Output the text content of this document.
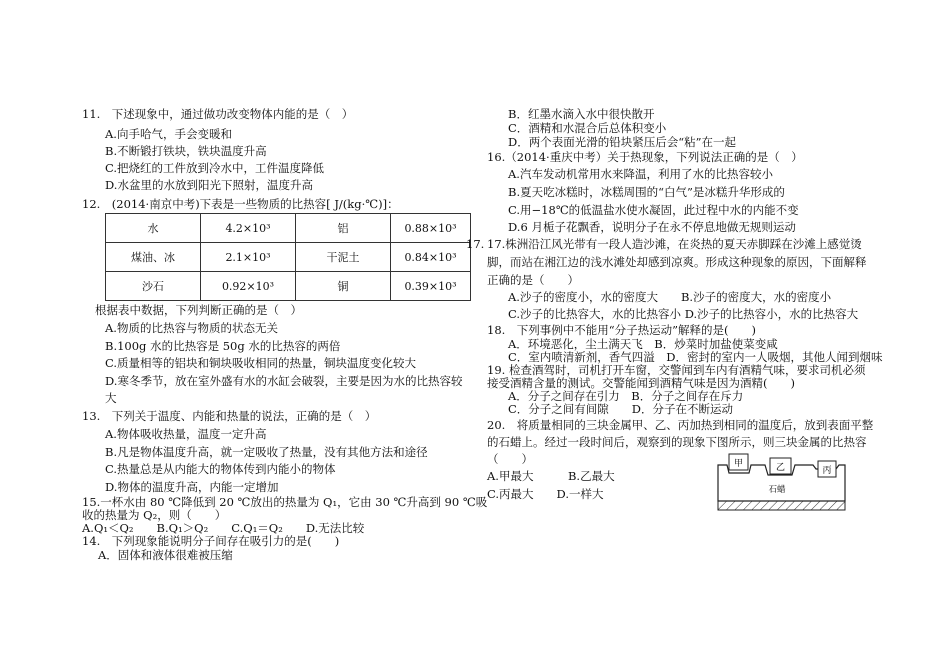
11.　下述现象中，通过做功改变物体内能的是（　）
A.向手哈气，手会变暖和
B.不断锻打铁块，铁块温度升高
C.把烧红的工件放到冷水中，工件温度降低
D.水盆里的水放到阳光下照射，温度升高
12.　(2014·南京中考)下表是一些物质的比热容[ J/(kg·℃)]：
水	4.2×10³	铝	0.88×10³
煤油、冰	2.1×10³	干泥土	0.84×10³
沙石	0.92×10³	铜	0.39×10³
根据表中数据，下列判断正确的是（　）
A.物质的比热容与物质的状态无关
B.100g 水的比热容是 50g 水的比热容的两倍
C.质量相等的铝块和铜块吸收相同的热量，铜块温度变化较大
D.寒冬季节，放在室外盛有水的水缸会破裂，主要是因为水的比热容较
大
13.　下列关于温度、内能和热量的说法，正确的是（　）
A.物体吸收热量，温度一定升高
B.凡是物体温度升高，就一定吸收了热量，没有其他方法和途径
C.热量总是从内能大的物体传到内能小的物体
D.物体的温度升高，内能一定增加
15.一杯水由 80 ℃降低到 20 ℃放出的热量为 Q₁，它由 30 ℃升高到 90 ℃吸
收的热量为 Q₂，则（　　）
A.Q₁＜Q₂　　B.Q₁＞Q₂　　C.Q₁＝Q₂　　D.无法比较
14.　下列现象能说明分子间存在吸引力的是(　　)
A．固体和液体很难被压缩
B．红墨水滴入水中很快散开
C．酒精和水混合后总体积变小
D．两个表面光滑的铅块紧压后会“粘”在一起
16.（2014·重庆中考）关于热现象，下列说法正确的是（　）
A.汽车发动机常用水来降温，利用了水的比热容较小
B.夏天吃冰糕时，冰糕周围的“白气”是冰糕升华形成的
C.用−18℃的低温盐水使水凝固，此过程中水的内能不变
D.6 月栀子花飘香，说明分子在永不停息地做无规则运动
17. 17.株洲沿江风光带有一段人造沙滩，在炎热的夏天赤脚踩在沙滩上感觉烫
脚，而站在湘江边的浅水滩处却感到凉爽。形成这种现象的原因，下面解释
正确的是（　　）
A.沙子的密度小，水的密度大　　B.沙子的密度大，水的密度小
C.沙子的比热容大，水的比热容小 D.沙子的比热容小，水的比热容大
18.　下列事例中不能用“分子热运动”解释的是(　　)
A．环境恶化，尘土满天飞　B．炒菜时加盐使菜变咸
C．室内喷清新剂，香气四溢　D．密封的室内一人吸烟，其他人闻到烟味
19. 检查酒驾时，司机打开车窗，交警闻到车内有酒精气味，要求司机必须
接受酒精含量的测试。交警能闻到酒精气味是因为酒精(　　)
A．分子之间存在引力　B．分子之间存在斥力
C．分子之间有间隙　　D．分子在不断运动
20.　将质量相同的三块金属甲、乙、丙加热到相同的温度后，放到表面平整
的石蜡上。经过一段时间后，观察到的现象下图所示，则三块金属的比热容
（　　）
A.甲最大　　　B.乙最大
C.丙最大　　D.一样大
甲	乙	丙
石蜡
